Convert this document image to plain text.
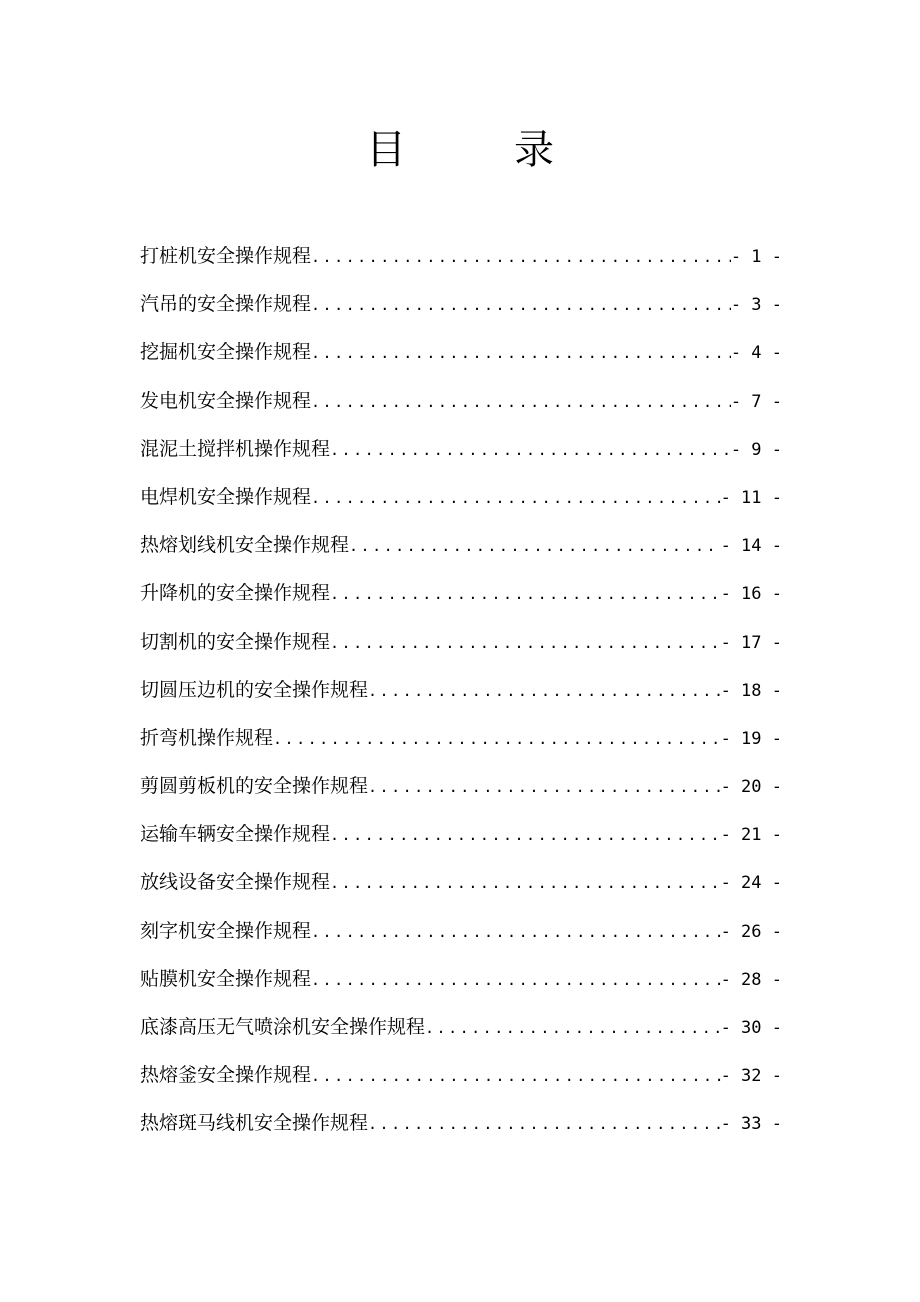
目录
打桩机安全操作规程 .....	- 1 -
汽吊的安全操作规程 .....	- 3 -
挖掘机安全操作规程 .....	- 4 -
发电机安全操作规程 .....	- 7 -
混泥土搅拌机操作规程 .....	- 9 -
电焊机安全操作规程 .....	- 11 -
热熔划线机安全操作规程 .....	- 14 -
升降机的安全操作规程 .....	- 16 -
切割机的安全操作规程 .....	- 17 -
切圆压边机的安全操作规程 .....	- 18 -
折弯机操作规程 .....	- 19 -
剪圆剪板机的安全操作规程 .....	- 20 -
运输车辆安全操作规程 .....	- 21 -
放线设备安全操作规程 .....	- 24 -
刻字机安全操作规程 .....	- 26 -
贴膜机安全操作规程 .....	- 28 -
底漆高压无气喷涂机安全操作规程 .....	- 30 -
热熔釜安全操作规程 .....	- 32 -
热熔斑马线机安全操作规程 .....	- 33 -
